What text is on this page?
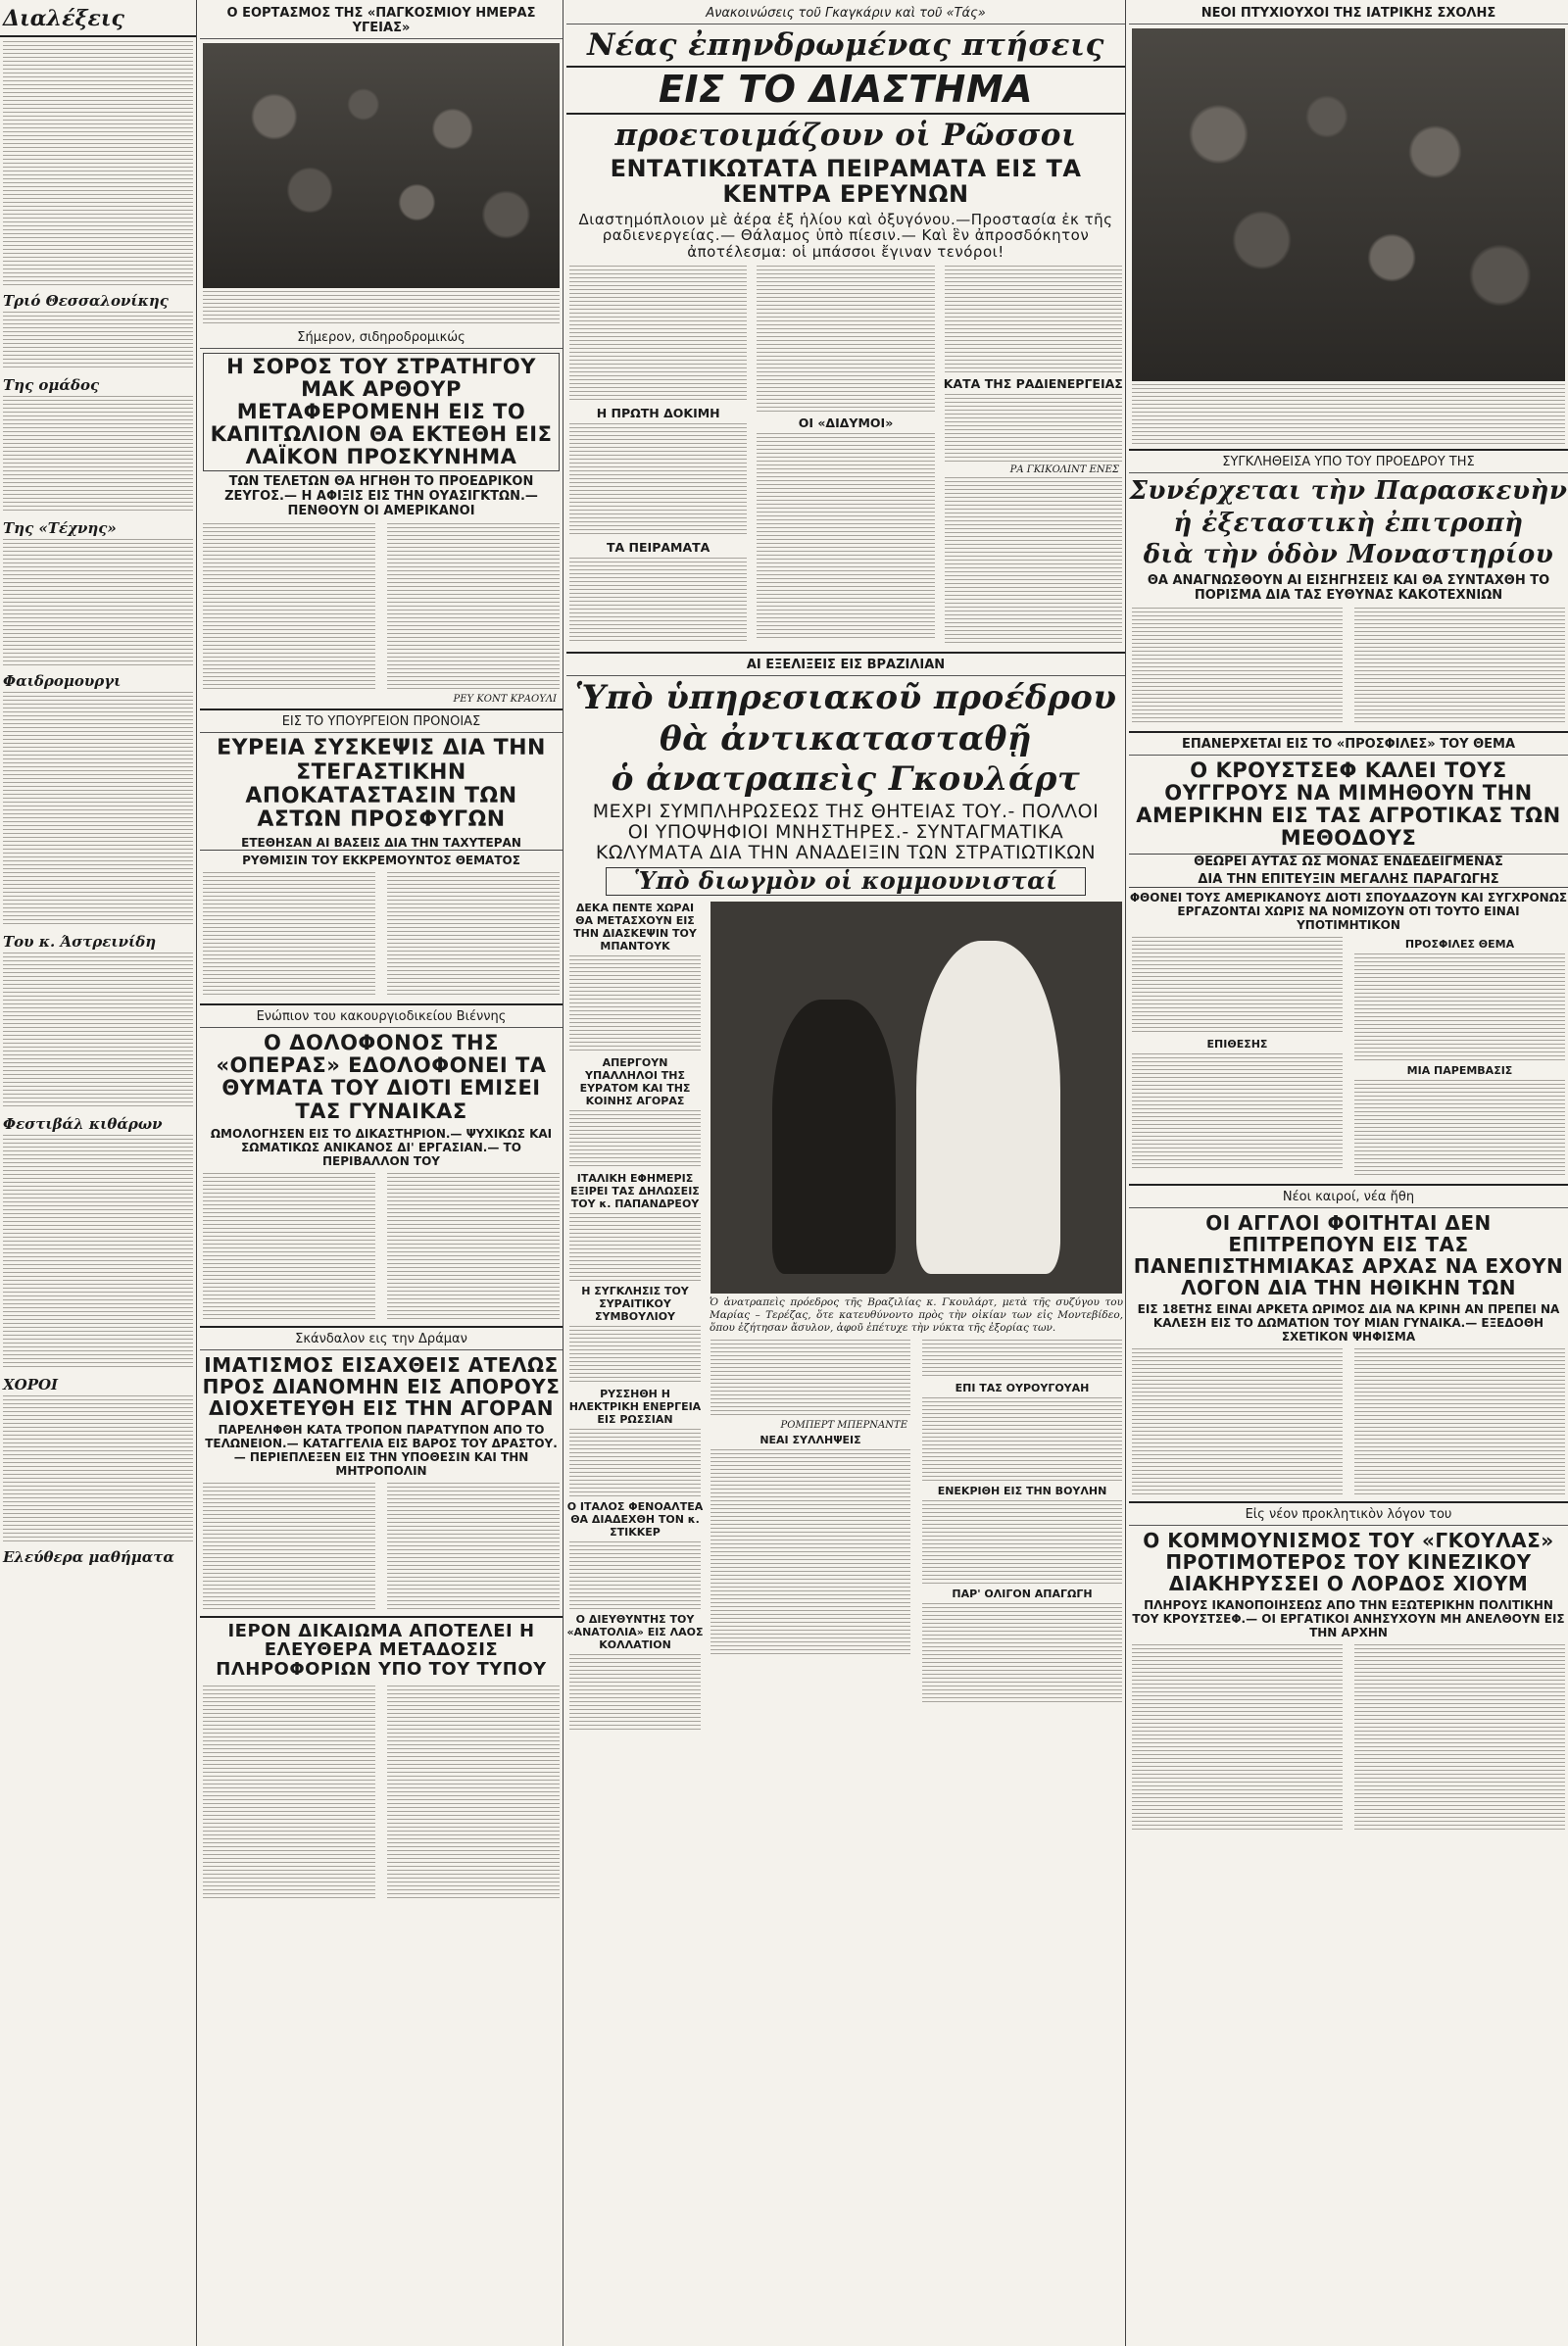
Διαλέξεις
Τριό Θεσσαλονίκης
Της ομάδος
Της «Τέχνης»
Φαιδρομουργι
Του κ. Άστρεινίδη
Φεστιβάλ κιθάρων
ΧΟΡΟΙ
Ελεύθερα μαθήματα
Ο ΕΟΡΤΑΣΜΟΣ ΤΗΣ «ΠΑΓΚΟΣΜΙΟΥ ΗΜΕΡΑΣ ΥΓΕΙΑΣ»
Σήμερον, σιδηροδρομικώς
Η ΣΟΡΟΣ ΤΟΥ ΣΤΡΑΤΗΓΟΥ ΜΑΚ ΑΡΘΟΥΡ ΜΕΤΑΦΕΡΟΜΕΝΗ ΕΙΣ ΤΟ ΚΑΠΙΤΩΛΙΟΝ ΘΑ ΕΚΤΕΘΗ ΕΙΣ ΛΑΪΚΟΝ ΠΡΟΣΚΥΝΗΜΑ
ΤΩΝ ΤΕΛΕΤΩΝ ΘΑ ΗΓΗΘΗ ΤΟ ΠΡΟΕΔΡΙΚΟΝ ΖΕΥΓΟΣ.— Η ΑΦΙΞΙΣ ΕΙΣ ΤΗΝ ΟΥΑΣΙΓΚΤΩΝ.— ΠΕΝΘΟΥΝ ΟΙ ΑΜΕΡΙΚΑΝΟΙ
ΡΕΥ ΚΟΝΤ ΚΡΑΟΥΛΙ
ΕΙΣ ΤΟ ΥΠΟΥΡΓΕΙΟΝ ΠΡΟΝΟΙΑΣ
ΕΥΡΕΙΑ ΣΥΣΚΕΨΙΣ ΔΙΑ ΤΗΝ ΣΤΕΓΑΣΤΙΚΗΝ ΑΠΟΚΑΤΑΣΤΑΣΙΝ ΤΩΝ ΑΣΤΩΝ ΠΡΟΣΦΥΓΩΝ
ΕΤΕΘΗΣΑΝ ΑΙ ΒΑΣΕΙΣ ΔΙΑ ΤΗΝ ΤΑΧΥΤΕΡΑΝ
ΡΥΘΜΙΣΙΝ ΤΟΥ ΕΚΚΡΕΜΟΥΝΤΟΣ ΘΕΜΑΤΟΣ
Ενώπιον του κακουργιοδικείου Βιέννης
Ο ΔΟΛΟΦΟΝΟΣ ΤΗΣ «ΟΠΕΡΑΣ» ΕΔΟΛΟΦΟΝΕΙ ΤΑ ΘΥΜΑΤΑ ΤΟΥ ΔΙΟΤΙ ΕΜΙΣΕΙ ΤΑΣ ΓΥΝΑΙΚΑΣ
ΩΜΟΛΟΓΗΣΕΝ ΕΙΣ ΤΟ ΔΙΚΑΣΤΗΡΙΟΝ.— ΨΥΧΙΚΩΣ ΚΑΙ ΣΩΜΑΤΙΚΩΣ ΑΝΙΚΑΝΟΣ ΔΙ' ΕΡΓΑΣΙΑΝ.— ΤΟ ΠΕΡΙΒΑΛΛΟΝ ΤΟΥ
Σκάνδαλον εις την Δράμαν
ΙΜΑΤΙΣΜΟΣ ΕΙΣΑΧΘΕΙΣ ΑΤΕΛΩΣ ΠΡΟΣ ΔΙΑΝΟΜΗΝ ΕΙΣ ΑΠΟΡΟΥΣ ΔΙΟΧΕΤΕΥΘΗ ΕΙΣ ΤΗΝ ΑΓΟΡΑΝ
ΠΑΡΕΛΗΦΘΗ ΚΑΤΑ ΤΡΟΠΟΝ ΠΑΡΑΤΥΠΟΝ ΑΠΟ ΤΟ ΤΕΛΩΝΕΙΟΝ.— ΚΑΤΑΓΓΕΛΙΑ ΕΙΣ ΒΑΡΟΣ ΤΟΥ ΔΡΑΣΤΟΥ.— ΠΕΡΙΕΠΛΕΞΕΝ ΕΙΣ ΤΗΝ ΥΠΟΘΕΣΙΝ ΚΑΙ ΤΗΝ ΜΗΤΡΟΠΟΛΙΝ
ΙΕΡΟΝ ΔΙΚΑΙΩΜΑ ΑΠΟΤΕΛΕΙ Η ΕΛΕΥΘΕΡΑ ΜΕΤΑΔΟΣΙΣ ΠΛΗΡΟΦΟΡΙΩΝ ΥΠΟ ΤΟΥ ΤΥΠΟΥ
Ανακοινώσεις τοῦ Γκαγκάριν καὶ τοῦ «Τάς»
Νέας ἐπηνδρωμένας πτήσεις
ΕΙΣ ΤΟ ΔΙΑΣΤΗΜΑ
προετοιμάζουν οἱ Ρῶσσοι
ΕΝΤΑΤΙΚΩΤΑΤΑ ΠΕΙΡΑΜΑΤΑ ΕΙΣ ΤΑ ΚΕΝΤΡΑ ΕΡΕΥΝΩΝ
Διαστημόπλοιον μὲ ἀέρα ἐξ ἡλίου καὶ ὀξυγόνου.—Προστασία ἐκ τῆς ραδιενεργείας.— Θάλαμος ὑπὸ πίεσιν.— Καὶ ἓν ἀπροσδόκητον ἀποτέλεσμα: οἱ μπάσσοι ἔγιναν τενόροι!
Η ΠΡΩΤΗ ΔΟΚΙΜΗ
ΤΑ ΠΕΙΡΑΜΑΤΑ
ΟΙ «ΔΙΔΥΜΟΙ»
ΚΑΤΑ ΤΗΣ ΡΑΔΙΕΝΕΡΓΕΙΑΣ
ΡΑ ΓΚΙΚΟΛΙΝΤ ΕΝΕΣ
ΑΙ ΕΞΕΛΙΞΕΙΣ ΕΙΣ ΒΡΑΖΙΛΙΑΝ
Ὑπὸ ὑπηρεσιακοῦ προέδρου
θὰ ἀντικατασταθῇ
ὁ ἀνατραπεὶς Γκουλάρτ
ΜΕΧΡΙ ΣΥΜΠΛΗΡΩΣΕΩΣ ΤΗΣ ΘΗΤΕΙΑΣ ΤΟΥ.- ΠΟΛΛΟΙ ΟΙ ΥΠΟΨΗΦΙΟΙ ΜΝΗΣΤΗΡΕΣ.- ΣΥΝΤΑΓΜΑΤΙΚΑ ΚΩΛΥΜΑΤΑ ΔΙΑ ΤΗΝ ΑΝΑΔΕΙΞΙΝ ΤΩΝ ΣΤΡΑΤΙΩΤΙΚΩΝ
Ὑπὸ διωγμὸν οἱ κομμουνισταί
ΔΕΚΑ ΠΕΝΤΕ ΧΩΡΑΙ ΘΑ ΜΕΤΑΣΧΟΥΝ ΕΙΣ ΤΗΝ ΔΙΑΣΚΕΨΙΝ ΤΟΥ ΜΠΑΝΤΟΥΚ
ΑΠΕΡΓΟΥΝ ΥΠΑΛΛΗΛΟΙ ΤΗΣ ΕΥΡΑΤΟΜ ΚΑΙ ΤΗΣ ΚΟΙΝΗΣ ΑΓΟΡΑΣ
ΙΤΑΛΙΚΗ ΕΦΗΜΕΡΙΣ ΕΞΙΡΕΙ ΤΑΣ ΔΗΛΩΣΕΙΣ ΤΟΥ κ. ΠΑΠΑΝΔΡΕΟΥ
Η ΣΥΓΚΛΗΣΙΣ ΤΟΥ ΣΥΡΑΙΤΙΚΟΥ ΣΥΜΒΟΥΛΙΟΥ
ΡΥΣΣΗΘΗ Η ΗΛΕΚΤΡΙΚΗ ΕΝΕΡΓΕΙΑ ΕΙΣ ΡΩΣΣΙΑΝ
Ο ΙΤΑΛΟΣ ΦΕΝΟΑΛΤΕΑ ΘΑ ΔΙΑΔΕΧΘΗ ΤΟΝ κ. ΣΤΙΚΚΕΡ
Ο ΔΙΕΥΘΥΝΤΗΣ ΤΟΥ «ΑΝΑΤΟΛΙΑ» ΕΙΣ ΛΑΟΣ ΚΟΛΛΑΤΙΟΝ
Ὁ ἀνατραπεὶς πρόεδρος τῆς Βραζιλίας κ. Γκουλάρτ, μετὰ τῆς συζύγου του Μαρίας – Τερέζας, ὅτε κατευθύνοντο πρὸς τὴν οἰκίαν των εἰς Μοντεβίδεο, ὅπου ἐζήτησαν ἄσυλον, ἀφοῦ ἐπέτυχε τὴν νύκτα τῆς ἐξορίας των.
ΡΟΜΠΕΡΤ ΜΠΕΡΝΑΝΤΕ
ΝΕΑΙ ΣΥΛΛΗΨΕΙΣ
ΕΠΙ ΤΑΣ ΟΥΡΟΥΓΟΥΑΗ
ΕΝΕΚΡΙΘΗ ΕΙΣ ΤΗΝ ΒΟΥΛΗΝ
ΠΑΡ' ΟΛΙΓΟΝ ΑΠΑΓΩΓΗ
ΝΕΟΙ ΠΤΥΧΙΟΥΧΟΙ ΤΗΣ ΙΑΤΡΙΚΗΣ ΣΧΟΛΗΣ
ΣΥΓΚΛΗΘΕΙΣΑ ΥΠΟ ΤΟΥ ΠΡΟΕΔΡΟΥ ΤΗΣ
Συνέρχεται τὴν Παρασκευὴν
ἡ ἐξεταστικὴ ἐπιτροπὴ
διὰ τὴν ὁδὸν Μοναστηρίου
ΘΑ ΑΝΑΓΝΩΣΘΟΥΝ ΑΙ ΕΙΣΗΓΗΣΕΙΣ ΚΑΙ ΘΑ ΣΥΝΤΑΧΘΗ ΤΟ ΠΟΡΙΣΜΑ ΔΙΑ ΤΑΣ ΕΥΘΥΝΑΣ ΚΑΚΟΤΕΧΝΙΩΝ
ΕΠΑΝΕΡΧΕΤΑΙ ΕΙΣ ΤΟ «ΠΡΟΣΦΙΛΕΣ» ΤΟΥ ΘΕΜΑ
Ο ΚΡΟΥΣΤΣΕΦ ΚΑΛΕΙ ΤΟΥΣ ΟΥΓΓΡΟΥΣ ΝΑ ΜΙΜΗΘΟΥΝ ΤΗΝ ΑΜΕΡΙΚΗΝ ΕΙΣ ΤΑΣ ΑΓΡΟΤΙΚΑΣ ΤΩΝ ΜΕΘΟΔΟΥΣ
ΘΕΩΡΕΙ ΑΥΤΑΣ ΩΣ ΜΟΝΑΣ ΕΝΔΕΔΕΙΓΜΕΝΑΣ
ΔΙΑ ΤΗΝ ΕΠΙΤΕΥΞΙΝ ΜΕΓΑΛΗΣ ΠΑΡΑΓΩΓΗΣ
ΦΘΟΝΕΙ ΤΟΥΣ ΑΜΕΡΙΚΑΝΟΥΣ ΔΙΟΤΙ ΣΠΟΥΔΑΖΟΥΝ ΚΑΙ ΣΥΓΧΡΟΝΩΣ ΕΡΓΑΖΟΝΤΑΙ ΧΩΡΙΣ ΝΑ ΝΟΜΙΖΟΥΝ ΟΤΙ ΤΟΥΤΟ ΕΙΝΑΙ ΥΠΟΤΙΜΗΤΙΚΟΝ
ΕΠΙΘΕΣΗΣ
ΠΡΟΣΦΙΛΕΣ ΘΕΜΑ
ΜΙΑ ΠΑΡΕΜΒΑΣΙΣ
Νέοι καιροί, νέα ἤθη
ΟΙ ΑΓΓΛΟΙ ΦΟΙΤΗΤΑΙ ΔΕΝ ΕΠΙΤΡΕΠΟΥΝ ΕΙΣ ΤΑΣ ΠΑΝΕΠΙΣΤΗΜΙΑΚΑΣ ΑΡΧΑΣ ΝΑ ΕΧΟΥΝ ΛΟΓΟΝ ΔΙΑ ΤΗΝ ΗΘΙΚΗΝ ΤΩΝ
ΕΙΣ 18ΕΤΗΣ ΕΙΝΑΙ ΑΡΚΕΤΑ ΩΡΙΜΟΣ ΔΙΑ ΝΑ ΚΡΙΝΗ ΑΝ ΠΡΕΠΕΙ ΝΑ ΚΑΛΕΣΗ ΕΙΣ ΤΟ ΔΩΜΑΤΙΟΝ ΤΟΥ ΜΙΑΝ ΓΥΝΑΙΚΑ.— ΕΞΕΔΟΘΗ ΣΧΕΤΙΚΟΝ ΨΗΦΙΣΜΑ
Εἰς νέον προκλητικὸν λόγον του
Ο ΚΟΜΜΟΥΝΙΣΜΟΣ ΤΟΥ «ΓΚΟΥΛΑΣ» ΠΡΟΤΙΜΟΤΕΡΟΣ ΤΟΥ ΚΙΝΕΖΙΚΟΥ ΔΙΑΚΗΡΥΣΣΕΙ Ο ΛΟΡΔΟΣ ΧΙΟΥΜ
ΠΛΗΡΟΥΣ ΙΚΑΝΟΠΟΙΗΣΕΩΣ ΑΠΟ ΤΗΝ ΕΞΩΤΕΡΙΚΗΝ ΠΟΛΙΤΙΚΗΝ ΤΟΥ ΚΡΟΥΣΤΣΕΦ.— ΟΙ ΕΡΓΑΤΙΚΟΙ ΑΝΗΣΥΧΟΥΝ ΜΗ ΑΝΕΛΘΟΥΝ ΕΙΣ ΤΗΝ ΑΡΧΗΝ
